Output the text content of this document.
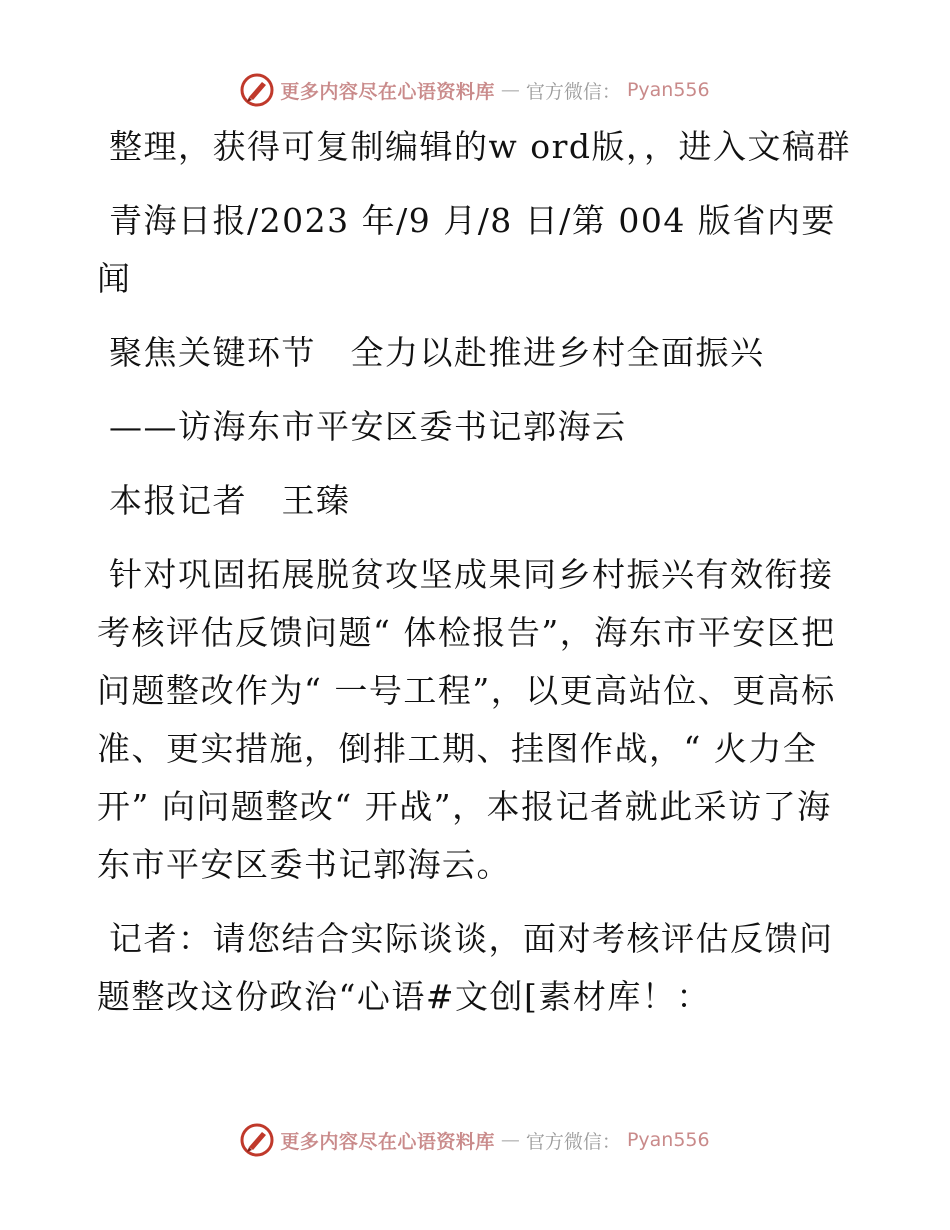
更多内容尽在心语资料库 — 官方微信： Pyan556

整理，获得可复制编辑的w ord版，，进入文稿群

青海日报/2023 年/9 月/8 日/第 004 版省内要闻

聚焦关键环节　全力以赴推进乡村全面振兴

——访海东市平安区委书记郭海云

本报记者　王臻

针对巩固拓展脱贫攻坚成果同乡村振兴有效衔接考核评估反馈问题“ 体检报告”，海东市平安区把问题整改作为“ 一号工程”，以更高站位、更高标准、更实措施，倒排工期、挂图作战，“ 火力全开” 向问题整改“ 开战”，本报记者就此采访了海东市平安区委书记郭海云。

记者：请您结合实际谈谈，面对考核评估反馈问题整改这份政治“心语#文创[素材库！：

更多内容尽在心语资料库 — 官方微信： Pyan556
